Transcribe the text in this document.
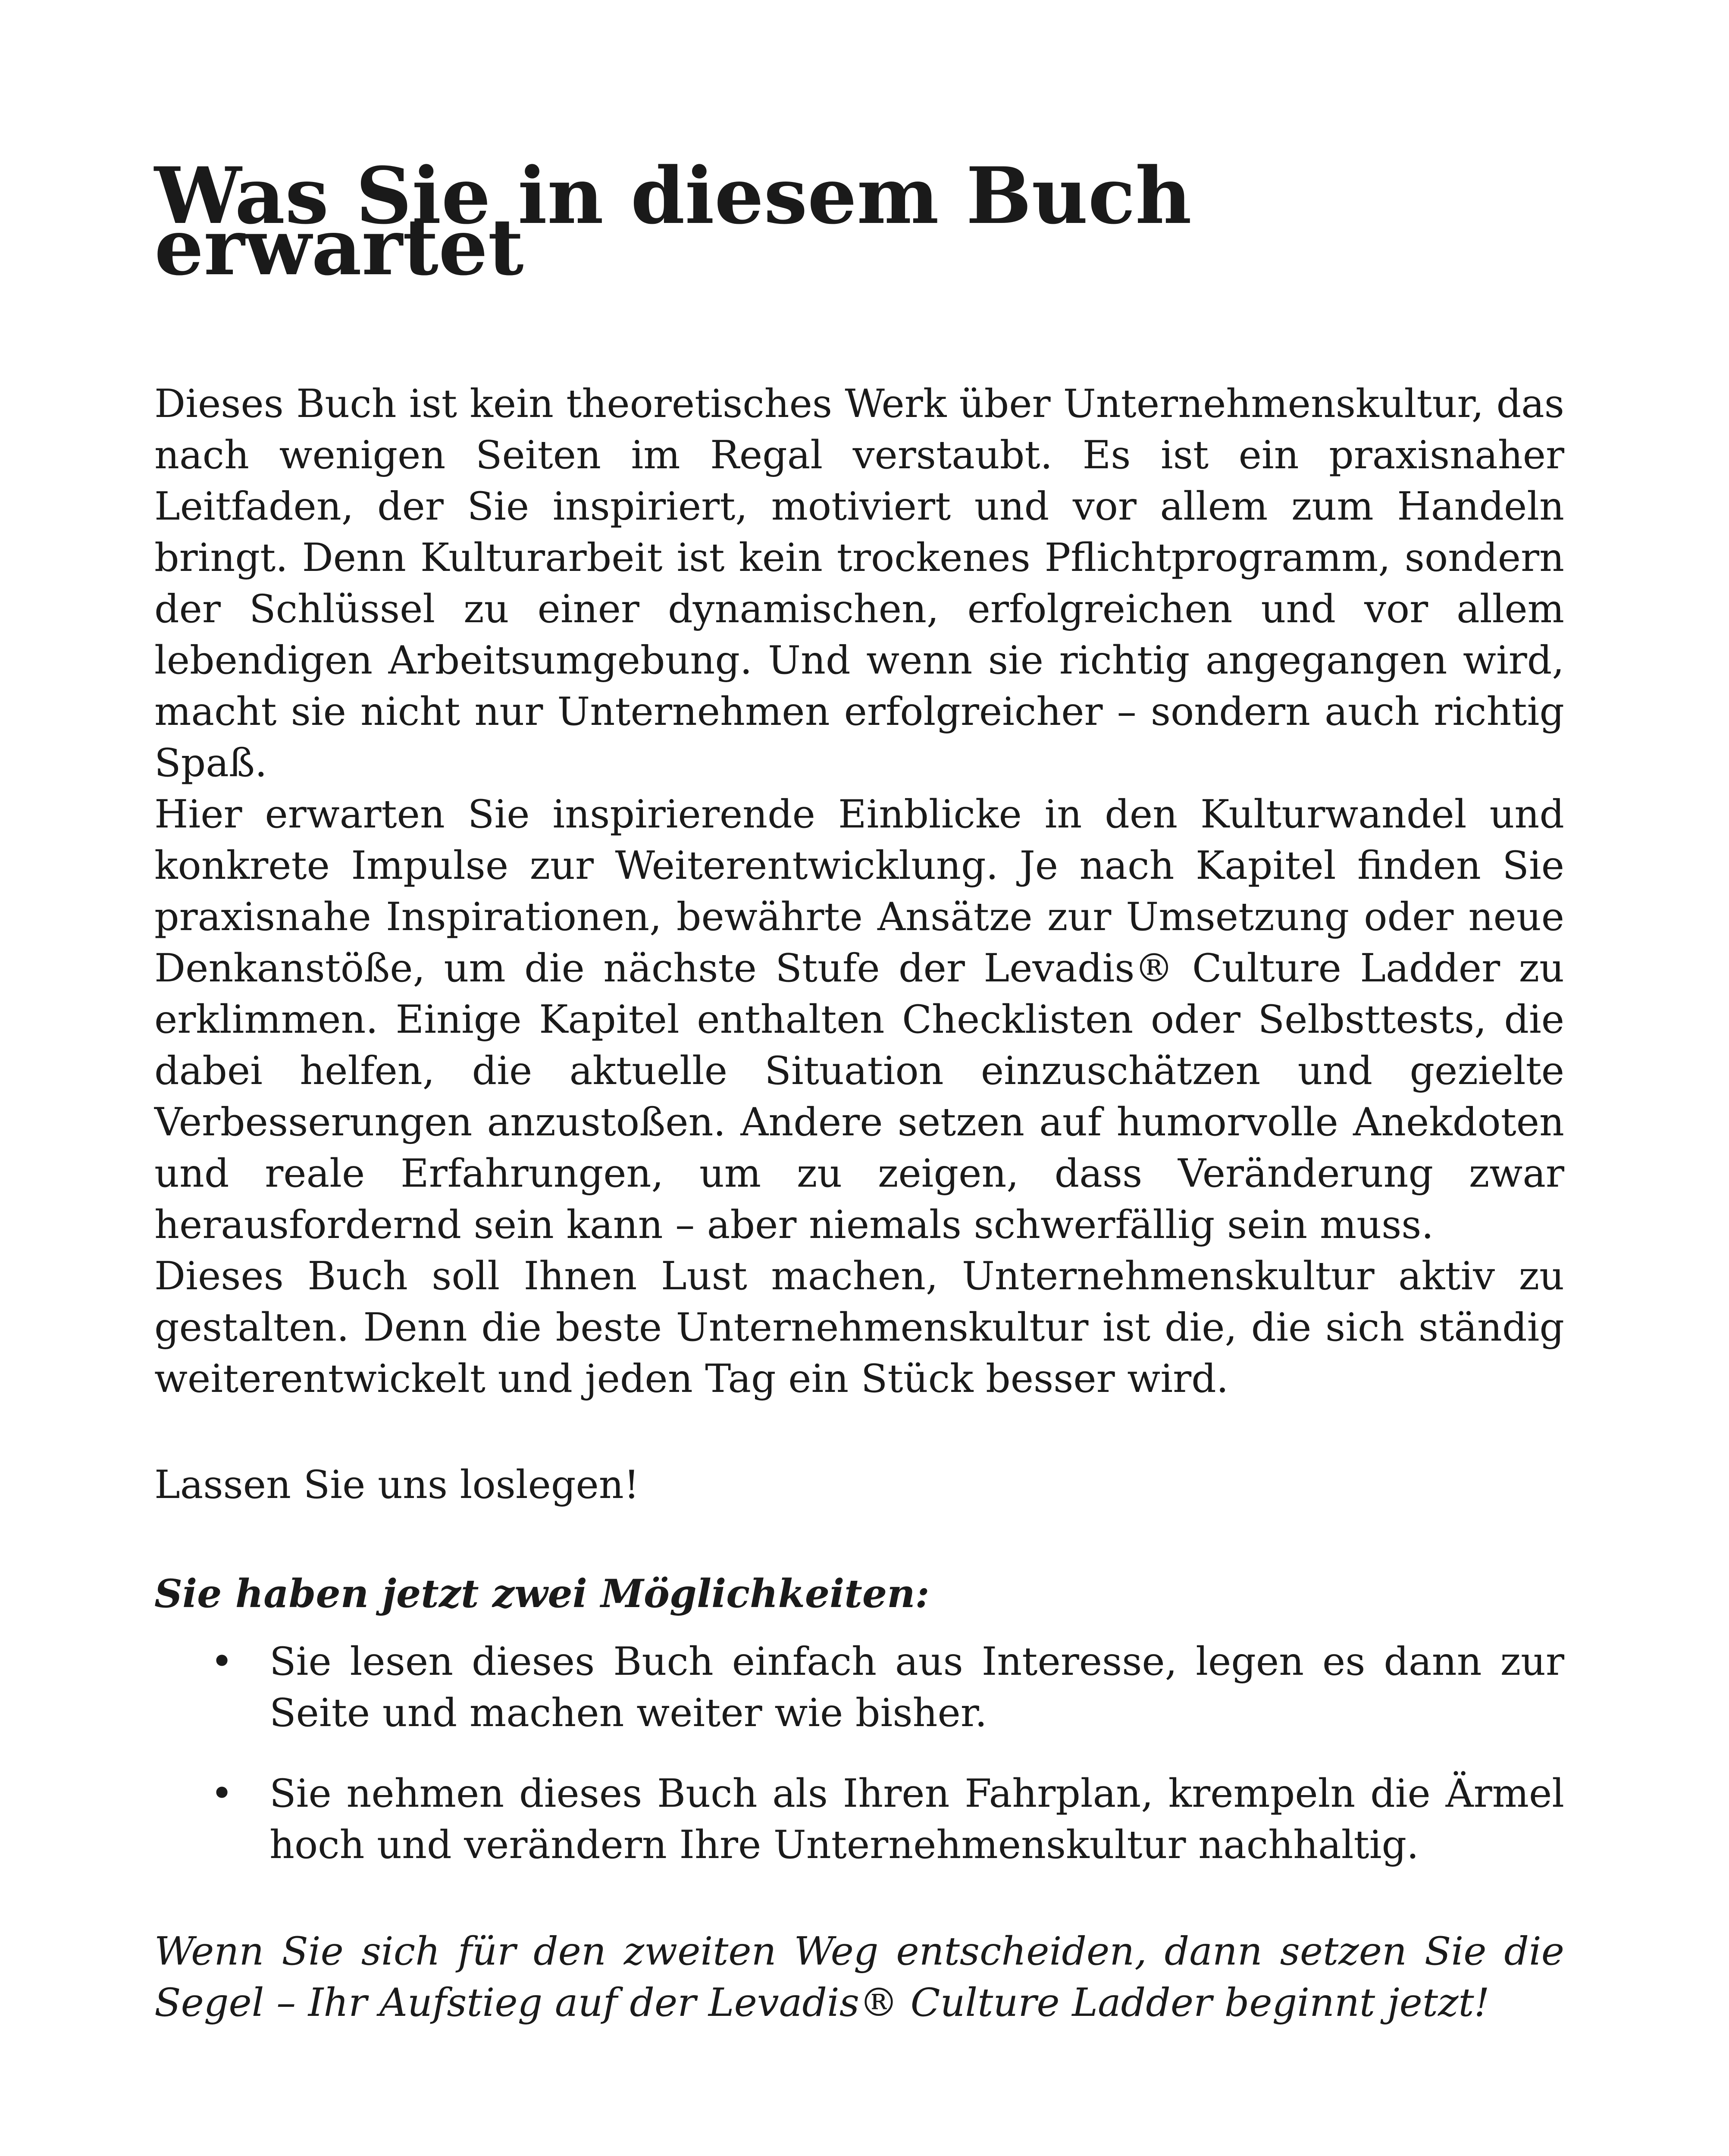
Was Sie in diesem Buch erwartet

Dieses Buch ist kein theoretisches Werk über Unternehmenskultur, das nach wenigen Seiten im Regal verstaubt. Es ist ein praxisnaher Leitfaden, der Sie inspiriert, motiviert und vor allem zum Handeln bringt. Denn Kulturarbeit ist kein trockenes Pflichtprogramm, sondern der Schlüssel zu einer dynamischen, erfolgreichen und vor allem lebendigen Arbeitsumgebung. Und wenn sie richtig angegangen wird, macht sie nicht nur Unternehmen erfolgreicher – sondern auch richtig Spaß.

Hier erwarten Sie inspirierende Einblicke in den Kulturwandel und konkrete Impulse zur Weiterentwicklung. Je nach Kapitel finden Sie praxisnahe Inspirationen, bewährte Ansätze zur Umsetzung oder neue Denkanstöße, um die nächste Stufe der Levadis® Culture Ladder zu erklimmen. Einige Kapitel enthalten Checklisten oder Selbsttests, die dabei helfen, die aktuelle Situation einzuschätzen und gezielte Verbesserungen anzustoßen. Andere setzen auf humorvolle Anekdoten und reale Erfahrungen, um zu zeigen, dass Veränderung zwar herausfordernd sein kann – aber niemals schwerfällig sein muss.

Dieses Buch soll Ihnen Lust machen, Unternehmenskultur aktiv zu gestalten. Denn die beste Unternehmenskultur ist die, die sich ständig weiterentwickelt und jeden Tag ein Stück besser wird.

Lassen Sie uns loslegen!

Sie haben jetzt zwei Möglichkeiten:

• Sie lesen dieses Buch einfach aus Interesse, legen es dann zur Seite und machen weiter wie bisher.
• Sie nehmen dieses Buch als Ihren Fahrplan, krempeln die Ärmel hoch und verändern Ihre Unternehmenskultur nachhaltig.

Wenn Sie sich für den zweiten Weg entscheiden, dann setzen Sie die Segel – Ihr Aufstieg auf der Levadis® Culture Ladder beginnt jetzt!
